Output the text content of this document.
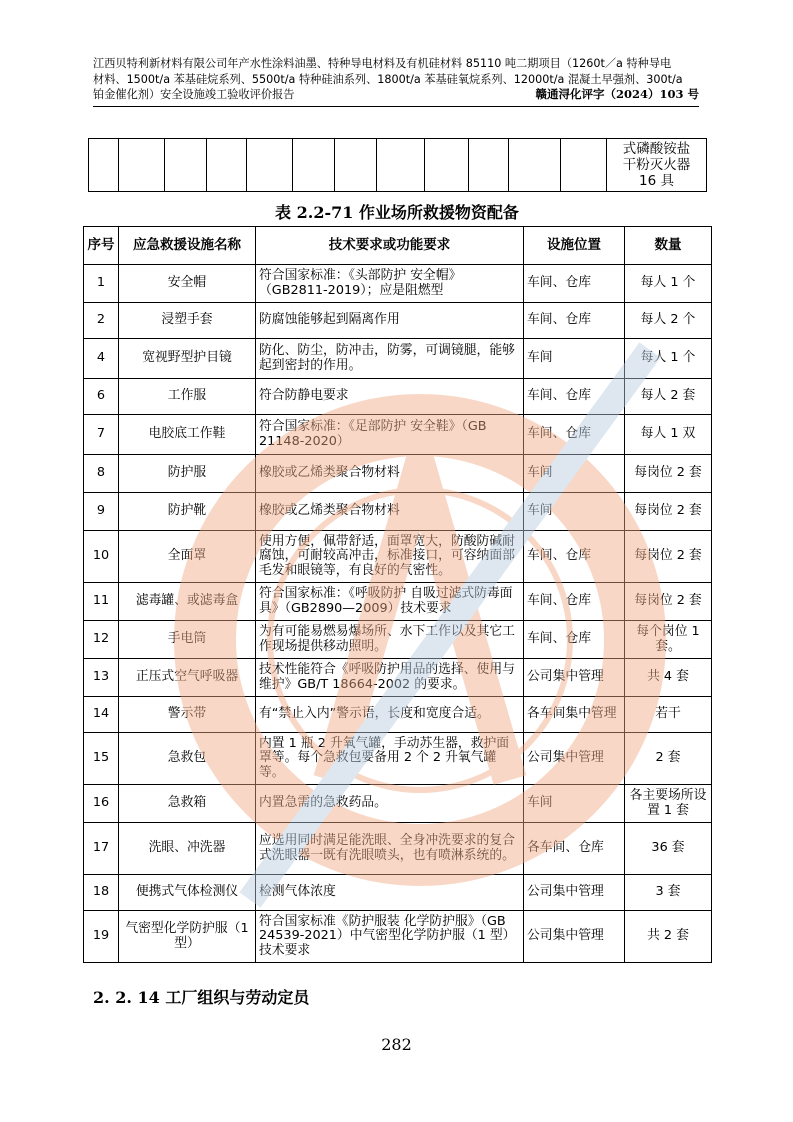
江西贝特利新材料有限公司年产水性涂料油墨、特种导电材料及有机硅材料 85110 吨二期项目（1260t／a 特种导电
材料、1500t/a 苯基硅烷系列、5500t/a 特种硅油系列、1800t/a 苯基硅氧烷系列、12000t/a 混凝土早强剂、300t/a
铂金催化剂）安全设施竣工验收评价报告	赣通浔化评字（2024）103 号

式磷酸铵盐
干粉灭火器
16 具
表 2.2-71 作业场所救援物资配备
序号	应急救援设施名称	技术要求或功能要求	设施位置	数量
1	安全帽	符合国家标准：《头部防护 安全帽》（GB2811-2019）；应是阻燃型	车间、仓库	每人 1 个
2	浸塑手套	防腐蚀能够起到隔离作用	车间、仓库	每人 2 个
4	宽视野型护目镜	防化、防尘，防冲击，防雾，可调镜腿，能够起到密封的作用。	车间	每人 1 个
6	工作服	符合防静电要求	车间、仓库	每人 2 套
7	电胶底工作鞋	符合国家标准：《足部防护 安全鞋》（GB 21148-2020）	车间、仓库	每人 1 双
8	防护服	橡胶或乙烯类聚合物材料	车间	每岗位 2 套
9	防护靴	橡胶或乙烯类聚合物材料	车间	每岗位 2 套
10	全面罩	使用方便，佩带舒适，面罩宽大，防酸防碱耐腐蚀，可耐较高冲击，标准接口，可容纳面部毛发和眼镜等，有良好的气密性。	车间、仓库	每岗位 2 套
11	滤毒罐、或滤毒盒	符合国家标准：《呼吸防护 自吸过滤式防毒面具》（GB2890—2009）技术要求	车间、仓库	每岗位 2 套
12	手电筒	为有可能易燃易爆场所、水下工作以及其它工作现场提供移动照明。	车间、仓库	每个岗位 1 套。
13	正压式空气呼吸器	技术性能符合《呼吸防护用品的选择、使用与维护》GB/T 18664-2002 的要求。	公司集中管理	共 4 套
14	警示带	有“禁止入内”警示语，长度和宽度合适。	各车间集中管理	若干
15	急救包	内置 1 瓶 2 升氧气罐，手动苏生器，救护面罩等。每个急救包要备用 2 个 2 升氧气罐等。	公司集中管理	2 套
16	急救箱	内置急需的急救药品。	车间	各主要场所设置 1 套
17	洗眼、冲洗器	应选用同时满足能洗眼、全身冲洗要求的复合式洗眼器一既有洗眼喷头，也有喷淋系统的。	各车间、仓库	36 套
18	便携式气体检测仪	检测气体浓度	公司集中管理	3 套
19	气密型化学防护服（1 型）	符合国家标准《防护服装 化学防护服》（GB 24539-2021）中气密型化学防护服（1 型）技术要求	公司集中管理	共 2 套
2. 2. 14 工厂组织与劳动定员
282
